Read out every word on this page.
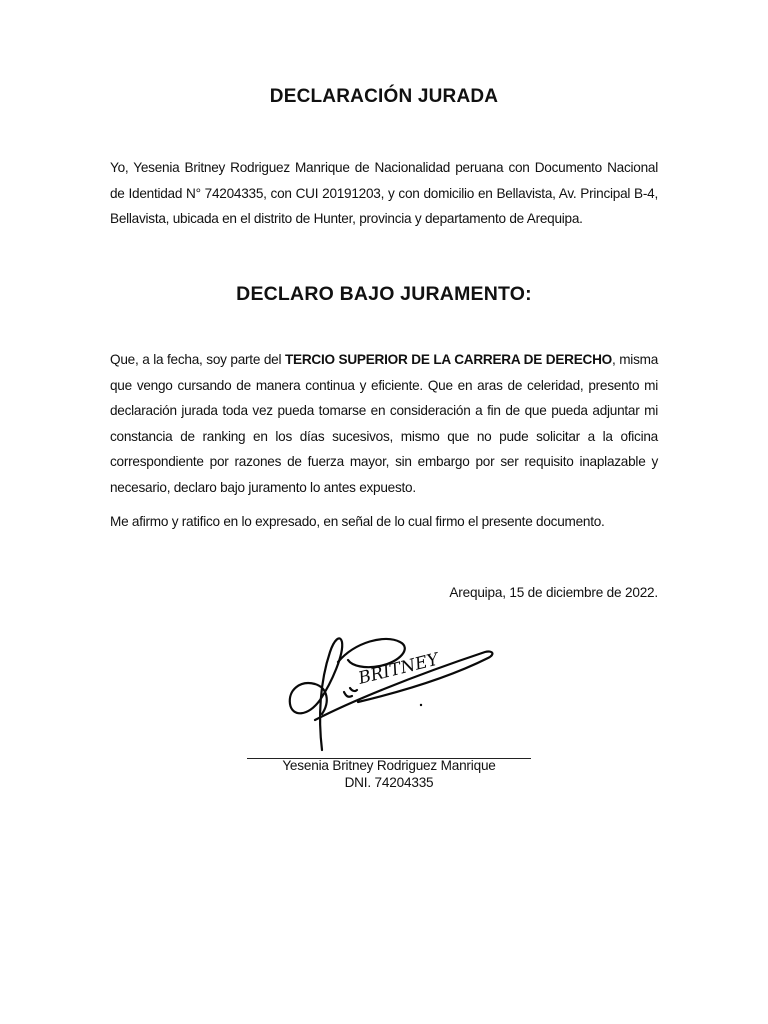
DECLARACIÓN JURADA
Yo, Yesenia Britney Rodriguez Manrique de Nacionalidad peruana con Documento Nacional de Identidad N° 74204335, con CUI 20191203, y con domicilio en Bellavista, Av. Principal B-4, Bellavista, ubicada en el distrito de Hunter, provincia y departamento de Arequipa.
DECLARO BAJO JURAMENTO:
Que, a la fecha, soy parte del TERCIO SUPERIOR DE LA CARRERA DE DERECHO, misma que vengo cursando de manera continua y eficiente. Que en aras de celeridad, presento mi declaración jurada toda vez pueda tomarse en consideración a fin de que pueda adjuntar mi constancia de ranking en los días sucesivos, mismo que no pude solicitar a la oficina correspondiente por razones de fuerza mayor, sin embargo por ser requisito inaplazable y necesario, declaro bajo juramento lo antes expuesto.
Me afirmo y ratifico en lo expresado, en señal de lo cual firmo el presente documento.
Arequipa, 15 de diciembre de 2022.
BRITNEY
Yesenia Britney Rodriguez Manrique
DNI. 74204335
